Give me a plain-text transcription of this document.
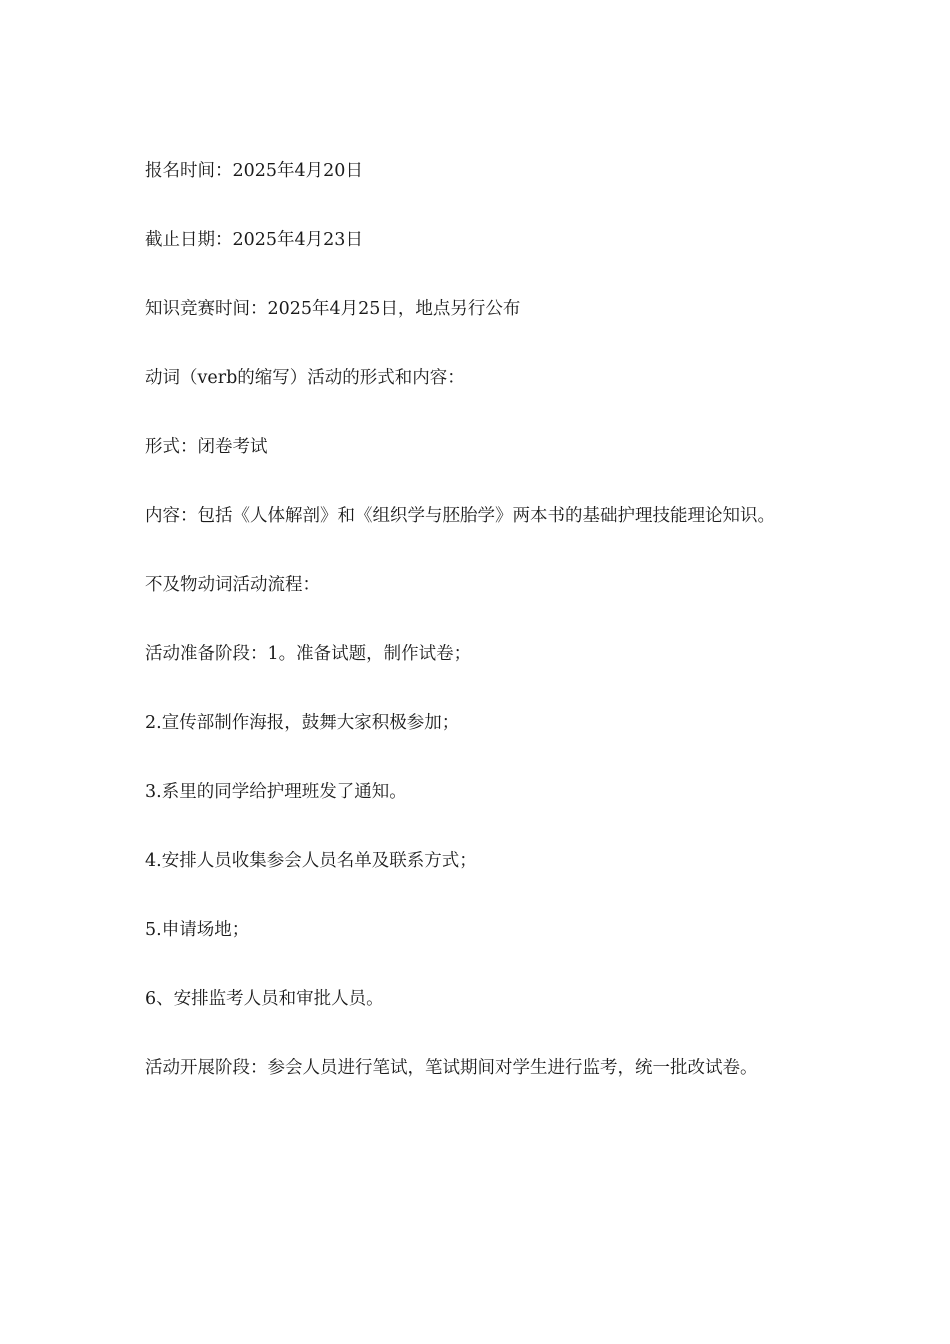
报名时间：2025年4月20日

截止日期：2025年4月23日

知识竞赛时间：2025年4月25日，地点另行公布

动词（verb的缩写）活动的形式和内容：

形式：闭卷考试

内容：包括《人体解剖》和《组织学与胚胎学》两本书的基础护理技能理论知识。

不及物动词活动流程：

活动准备阶段：1。准备试题，制作试卷；

2.宣传部制作海报，鼓舞大家积极参加；

3.系里的同学给护理班发了通知。

4.安排人员收集参会人员名单及联系方式；

5.申请场地；

6、安排监考人员和审批人员。

活动开展阶段：参会人员进行笔试，笔试期间对学生进行监考，统一批改试卷。
